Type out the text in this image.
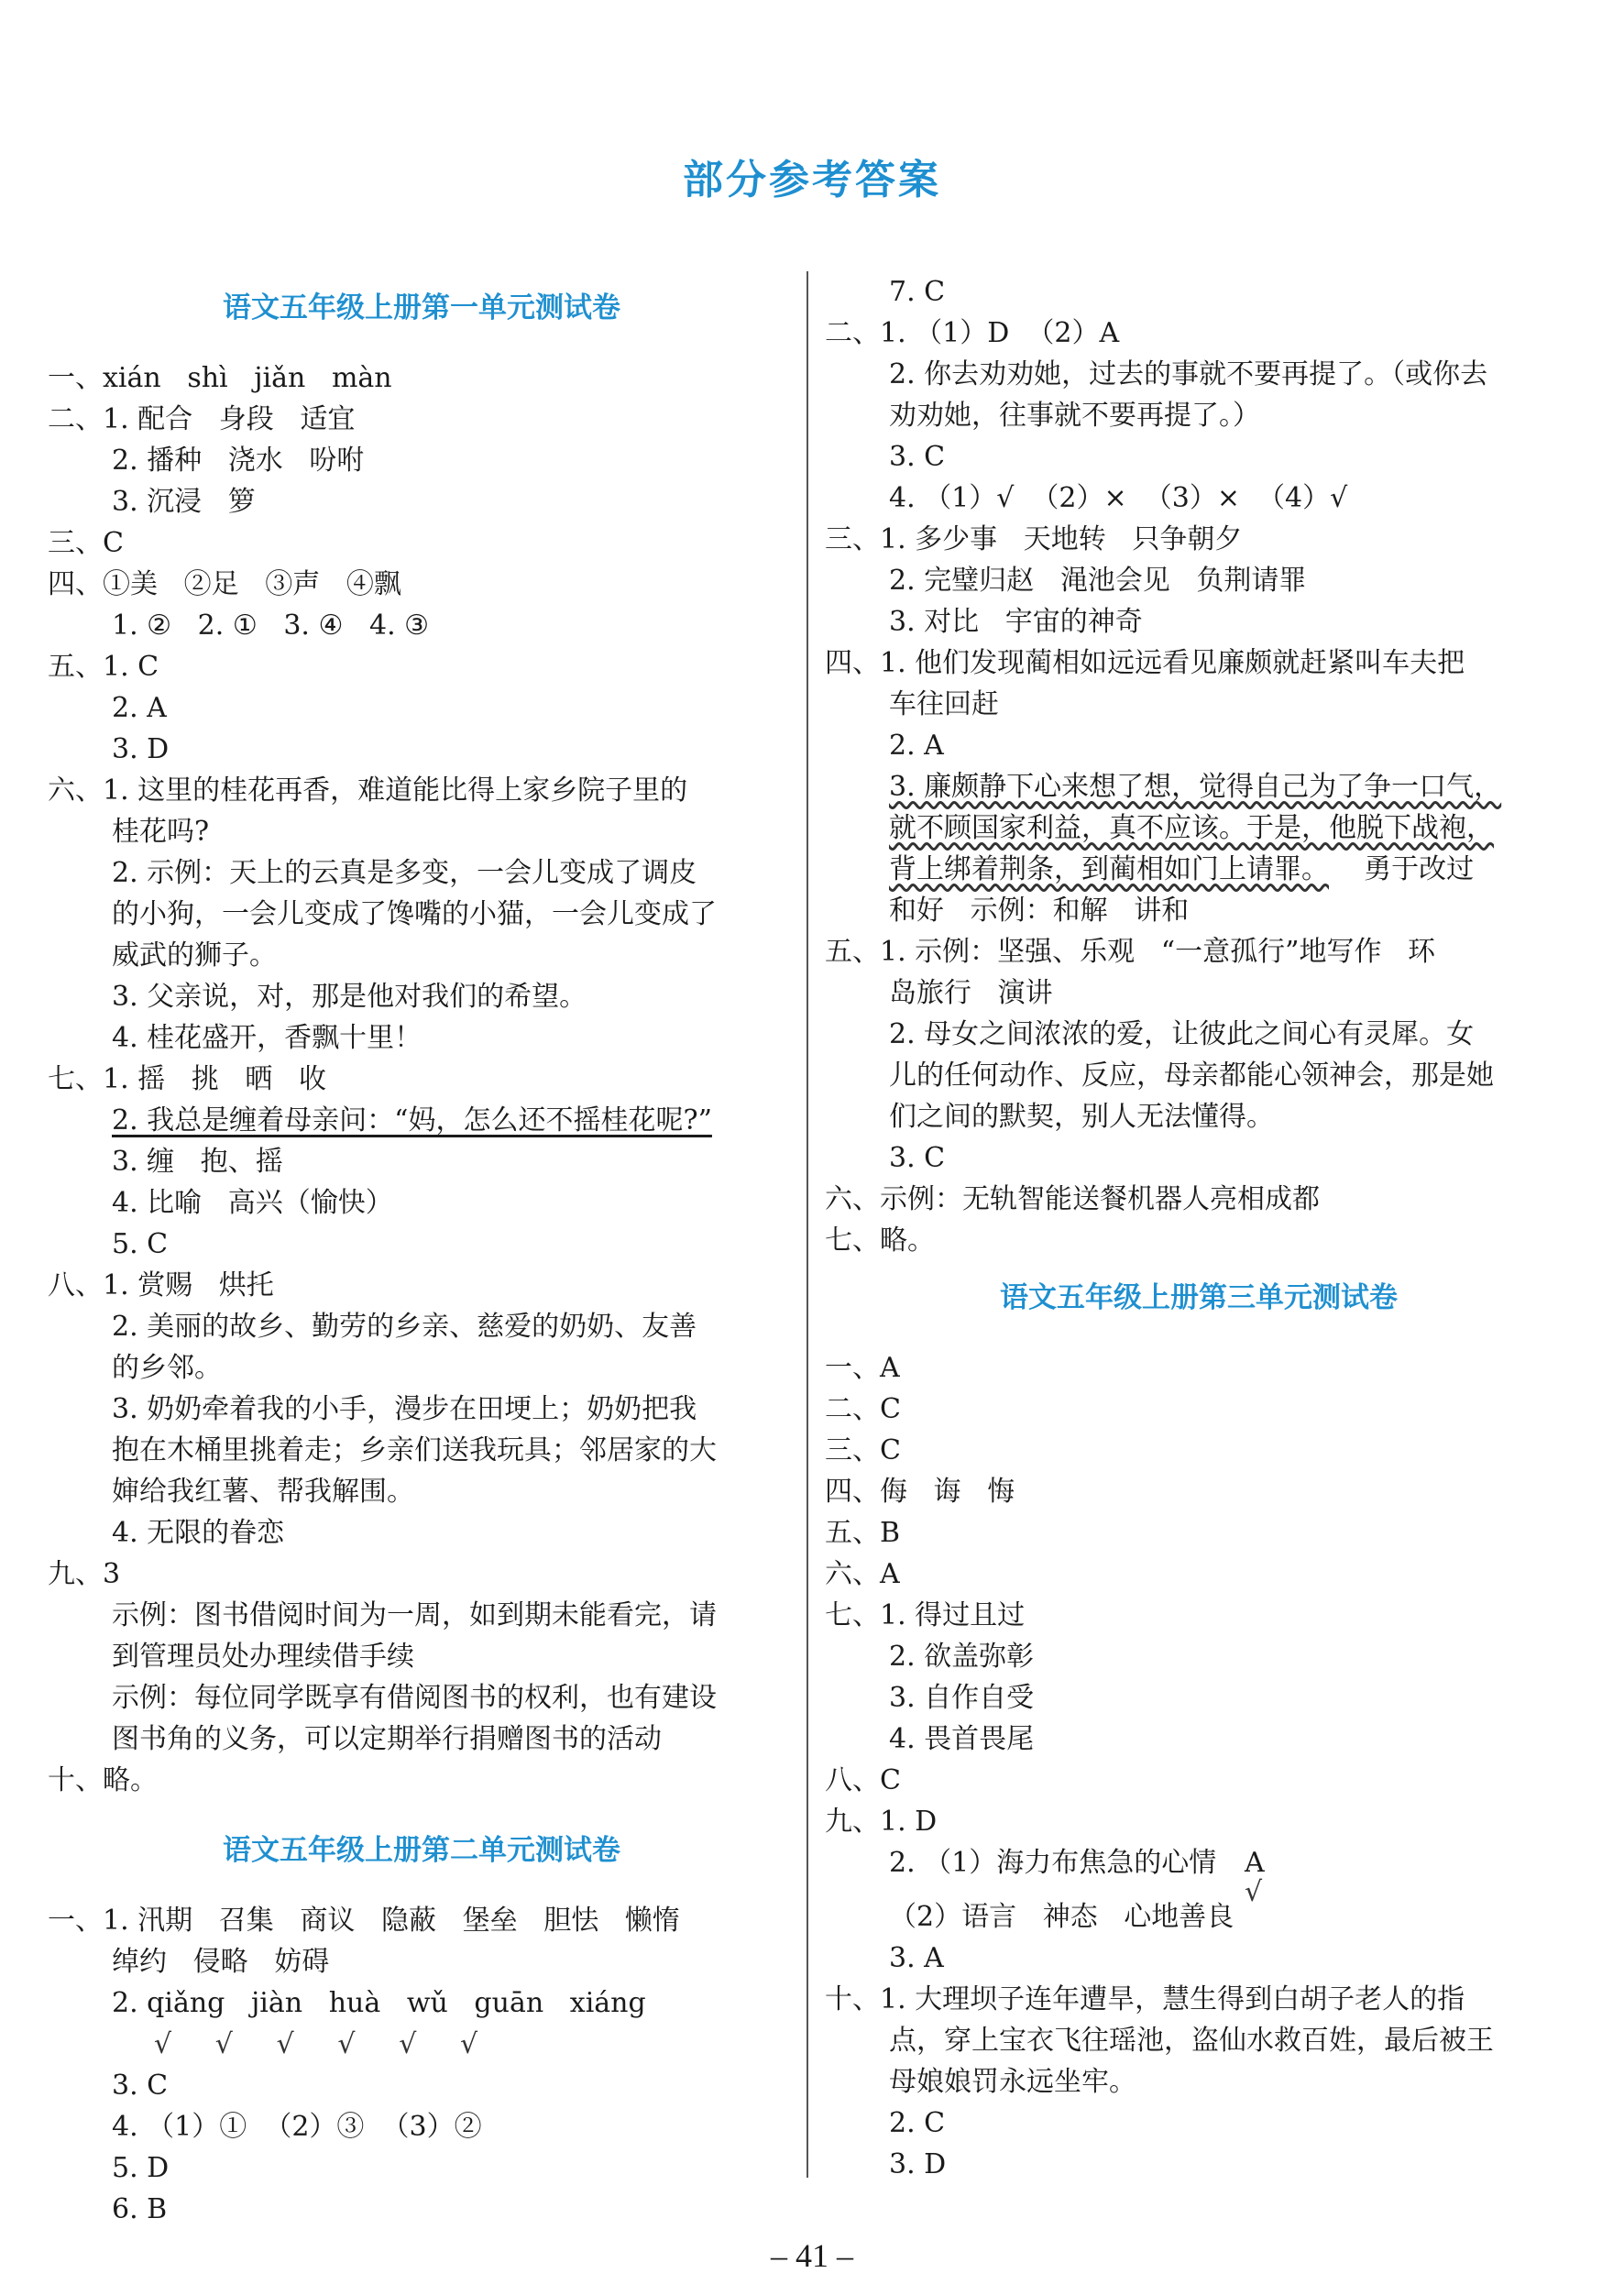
部分参考答案
语文五年级上册第一单元测试卷
一、xián   shì   jiǎn   màn
二、1. 配合   身段   适宜
2. 播种   浇水   吩咐
3. 沉浸   箩
三、C
四、①美   ②足   ③声   ④飘
1. ②   2. ①   3. ④   4. ③
五、1. C
2. A
3. D
六、1. 这里的桂花再香，难道能比得上家乡院子里的
桂花吗?
2. 示例：天上的云真是多变，一会儿变成了调皮
的小狗，一会儿变成了馋嘴的小猫，一会儿变成了
威武的狮子。
3. 父亲说，对，那是他对我们的希望。
4. 桂花盛开，香飘十里！
七、1. 摇   挑   晒   收
2. 我总是缠着母亲问：“妈，怎么还不摇桂花呢?”
3. 缠   抱、摇
4. 比喻   高兴（愉快）
5. C
八、1. 赏赐   烘托
2. 美丽的故乡、勤劳的乡亲、慈爱的奶奶、友善
的乡邻。
3. 奶奶牵着我的小手，漫步在田埂上；奶奶把我
抱在木桶里挑着走；乡亲们送我玩具；邻居家的大
婶给我红薯、帮我解围。
4. 无限的眷恋
九、3
示例：图书借阅时间为一周，如到期未能看完，请
到管理员处办理续借手续
示例：每位同学既享有借阅图书的权利，也有建设
图书角的义务，可以定期举行捐赠图书的活动
十、略。
语文五年级上册第二单元测试卷
一、1. 汛期   召集   商议   隐蔽   堡垒   胆怯   懒惰
绰约   侵略   妨碍
2. qiǎng   jiàn   huà   wǔ   guān   xiáng
√     √     √     √     √     √
3. C
4. （1）①  （2）③  （3）②
5. D
6. B
7. C
二、1. （1）D  （2）A
2. 你去劝劝她，过去的事就不要再提了。（或你去
劝劝她，往事就不要再提了。）
3. C
4. （1）√  （2）×  （3）×  （4）√
三、1. 多少事   天地转   只争朝夕
2. 完璧归赵   渑池会见   负荆请罪
3. 对比   宇宙的神奇
四、1. 他们发现蔺相如远远看见廉颇就赶紧叫车夫把
车往回赶
2. A
3. 廉颇静下心来想了想，觉得自己为了争一口气，
就不顾国家利益，真不应该。于是，他脱下战袍，
背上绑着荆条，到蔺相如门上请罪。 勇于改过
和好   示例：和解   讲和
五、1. 示例：坚强、乐观   “一意孤行”地写作   环
岛旅行   演讲
2. 母女之间浓浓的爱，让彼此之间心有灵犀。女
儿的任何动作、反应，母亲都能心领神会，那是她
们之间的默契，别人无法懂得。
3. C
六、示例：无轨智能送餐机器人亮相成都
七、略。
语文五年级上册第三单元测试卷
一、A
二、C
三、C
四、侮   诲   悔
五、B
六、A
七、1. 得过且过
2. 欲盖弥彰
3. 自作自受
4. 畏首畏尾
八、C
九、1. D
2. （1）海力布焦急的心情 A
√
（2）语言   神态   心地善良
3. A
十、1. 大理坝子连年遭旱，慧生得到白胡子老人的指
点，穿上宝衣飞往瑶池，盗仙水救百姓，最后被王
母娘娘罚永远坐牢。
2. C
3. D
– 41 –
